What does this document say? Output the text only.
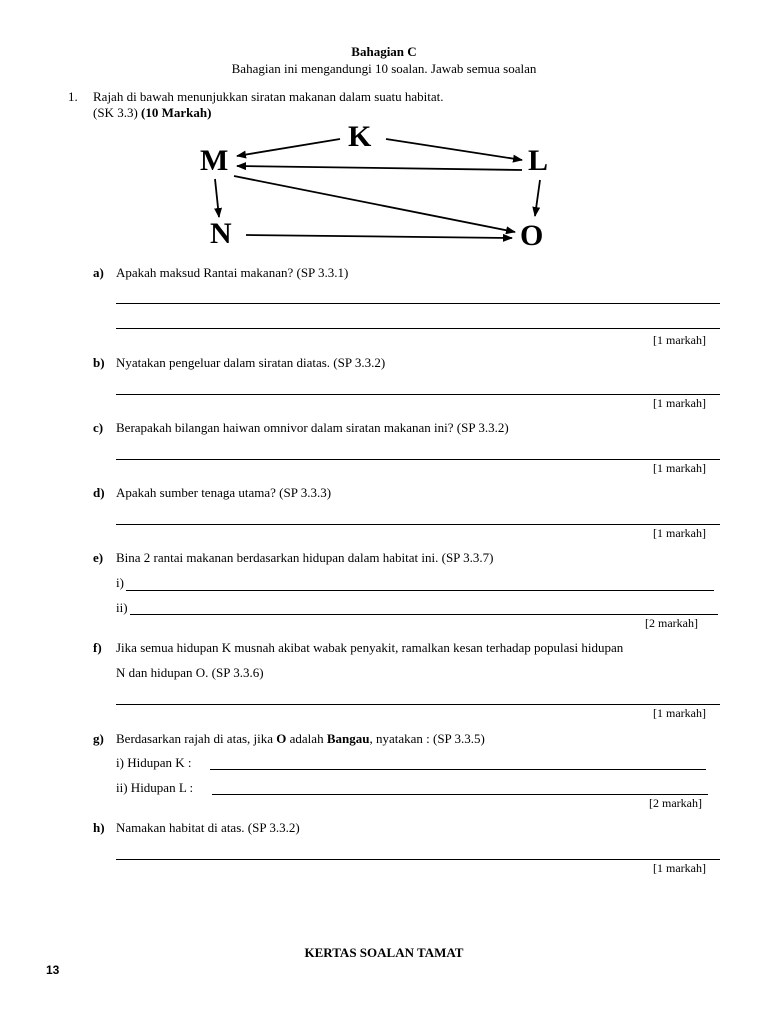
Bahagian C
Bahagian ini mengandungi 10 soalan. Jawab semua soalan
1. Rajah di bawah menunjukkan siratan makanan dalam suatu habitat.
(SK 3.3) (10 Markah)
K
M	L
N	O
a) Apakah maksud Rantai makanan? (SP 3.3.1)
[1 markah]
b) Nyatakan pengeluar dalam siratan diatas. (SP 3.3.2)
[1 markah]
c) Berapakah bilangan haiwan omnivor dalam siratan makanan ini? (SP 3.3.2)
[1 markah]
d) Apakah sumber tenaga utama? (SP 3.3.3)
[1 markah]
e) Bina 2 rantai makanan berdasarkan hidupan dalam habitat ini. (SP 3.3.7)
i)
ii)
[2 markah]
f) Jika semua hidupan K musnah akibat wabak penyakit, ramalkan kesan terhadap populasi hidupan
N dan hidupan O. (SP 3.3.6)
[1 markah]
g) Berdasarkan rajah di atas, jika O adalah Bangau, nyatakan : (SP 3.3.5)
i) Hidupan K :
ii) Hidupan L :
[2 markah]
h) Namakan habitat di atas. (SP 3.3.2)
[1 markah]
KERTAS SOALAN TAMAT
13
